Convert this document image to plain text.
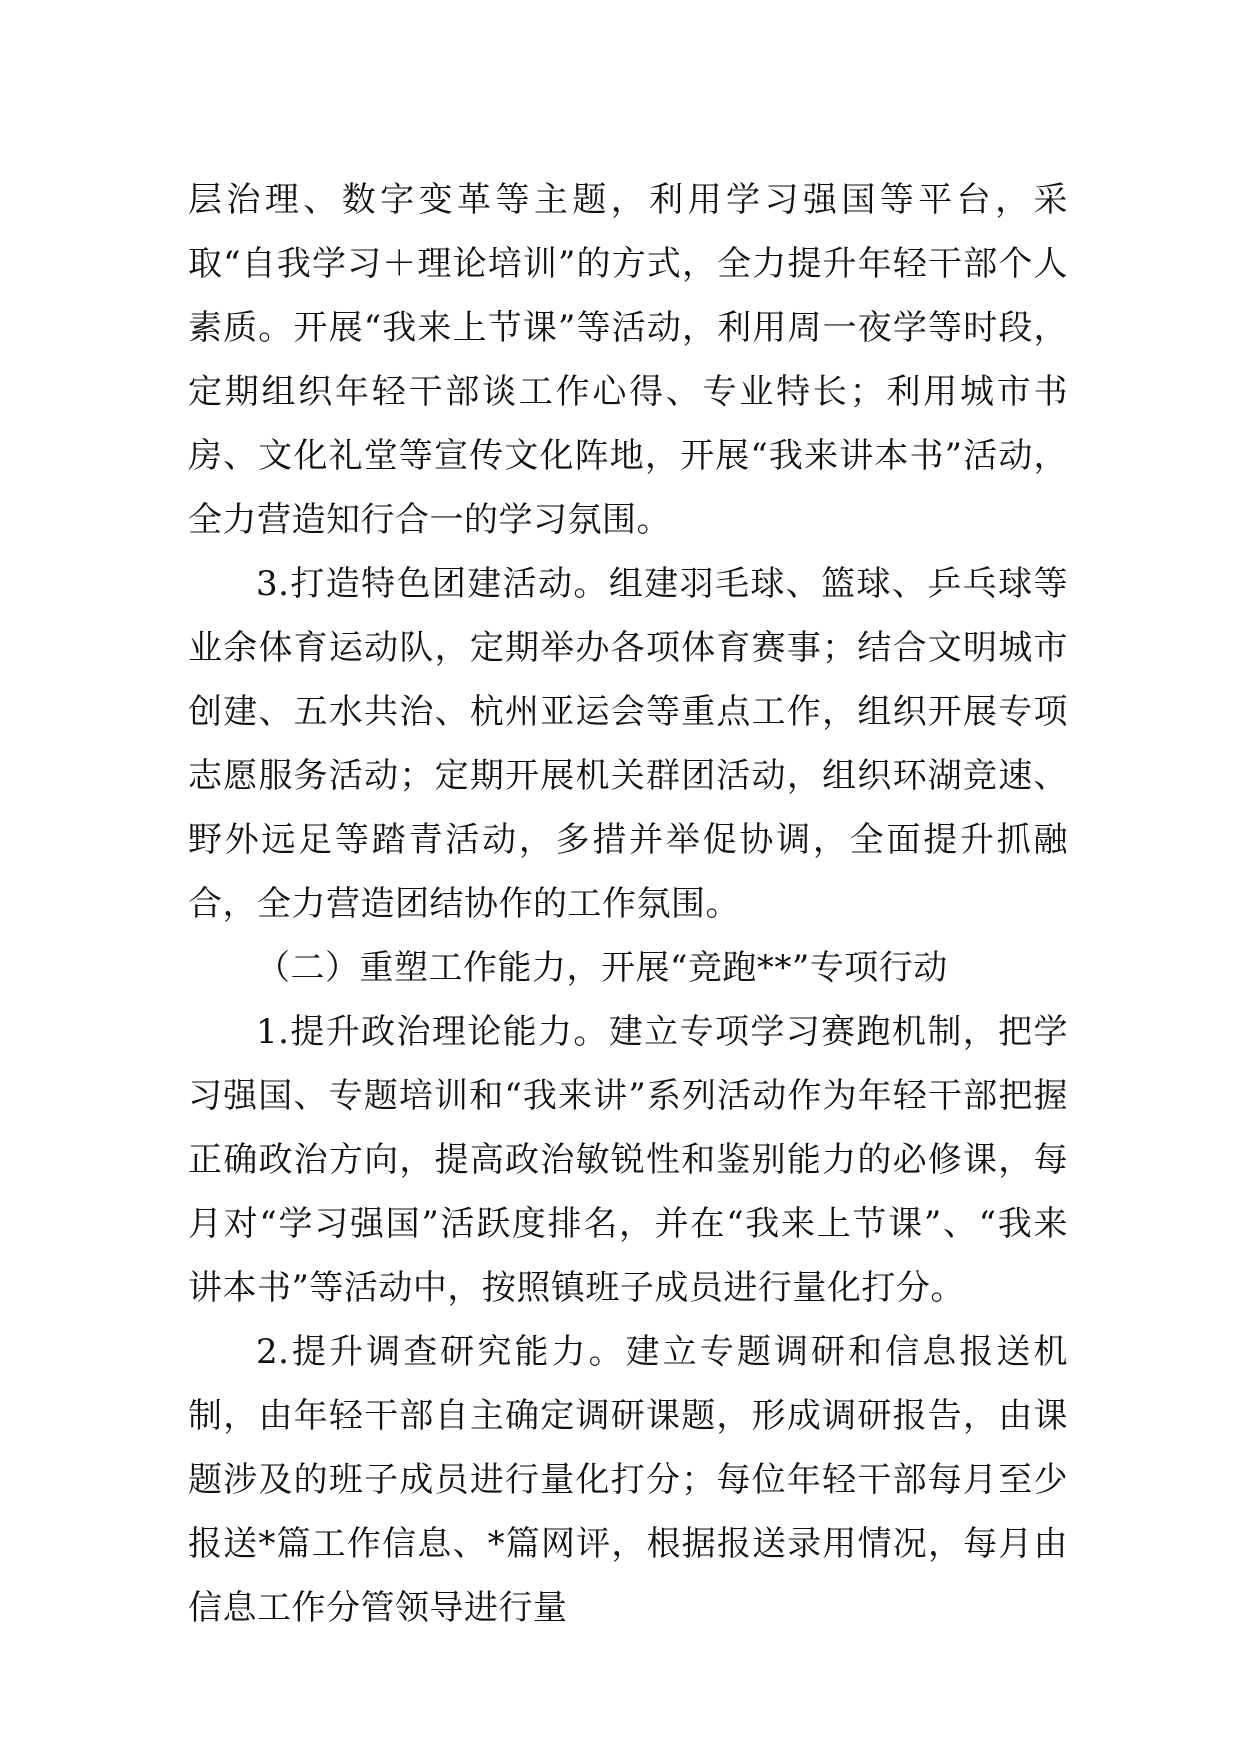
层治理、数字变革等主题，利用学习强国等平台，采取“自我学习＋理论培训”的方式，全力提升年轻干部个人素质。开展“我来上节课”等活动，利用周一夜学等时段，定期组织年轻干部谈工作心得、专业特长；利用城市书房、文化礼堂等宣传文化阵地，开展“我来讲本书”活动，全力营造知行合一的学习氛围。

3.打造特色团建活动。组建羽毛球、篮球、乒乓球等业余体育运动队，定期举办各项体育赛事；结合文明城市创建、五水共治、杭州亚运会等重点工作，组织开展专项志愿服务活动；定期开展机关群团活动，组织环湖竞速、野外远足等踏青活动，多措并举促协调，全面提升抓融合，全力营造团结协作的工作氛围。

（二）重塑工作能力，开展“竞跑**”专项行动

1.提升政治理论能力。建立专项学习赛跑机制，把学习强国、专题培训和“我来讲”系列活动作为年轻干部把握正确政治方向，提高政治敏锐性和鉴别能力的必修课，每月对“学习强国”活跃度排名，并在“我来上节课”、“我来讲本书”等活动中，按照镇班子成员进行量化打分。

2.提升调查研究能力。建立专题调研和信息报送机制，由年轻干部自主确定调研课题，形成调研报告，由课题涉及的班子成员进行量化打分；每位年轻干部每月至少报送*篇工作信息、*篇网评，根据报送录用情况，每月由信息工作分管领导进行量
